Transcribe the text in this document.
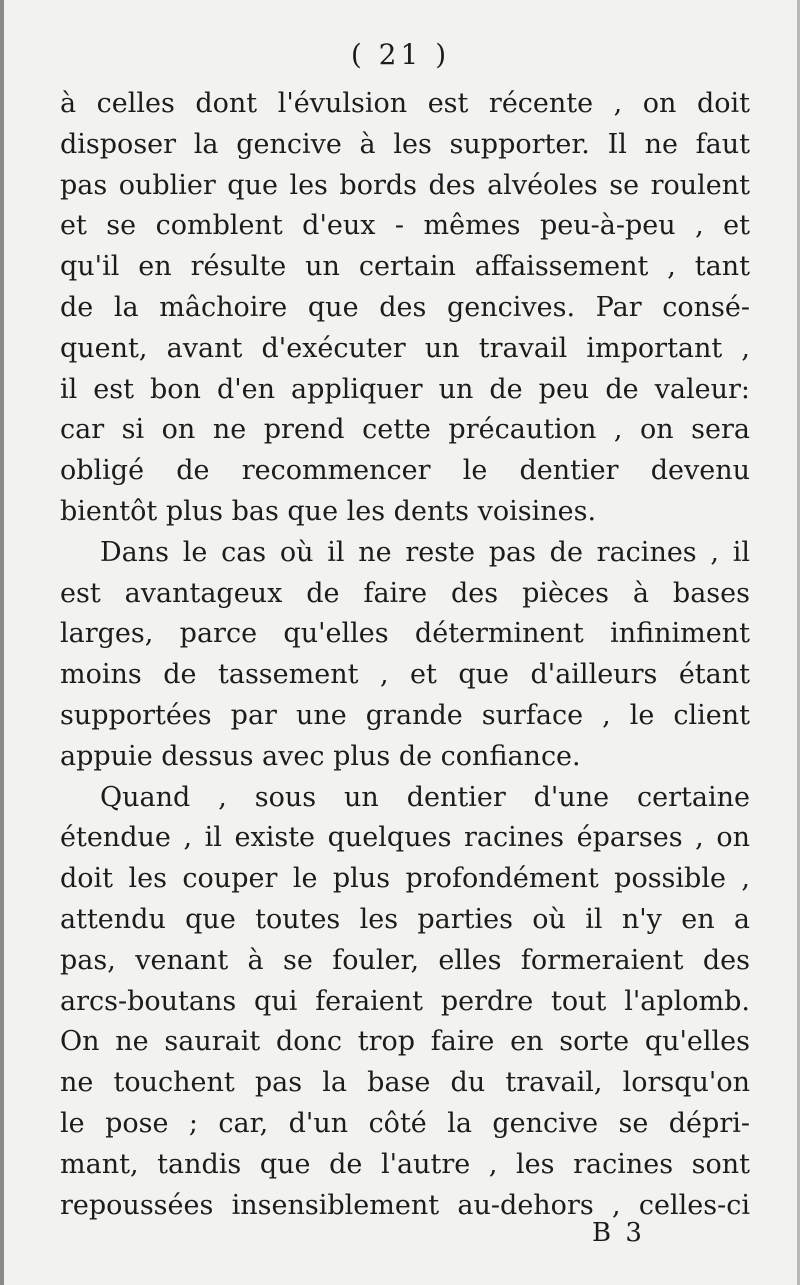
( 21 )
à celles dont l'évulsion est récente , on doit
disposer la gencive à les supporter. Il ne faut
pas oublier que les bords des alvéoles se roulent
et se comblent d'eux - mêmes peu-à-peu , et
qu'il en résulte un certain affaissement , tant
de la mâchoire que des gencives. Par consé-
quent, avant d'exécuter un travail important ,
il est bon d'en appliquer un de peu de valeur:
car si on ne prend cette précaution , on sera
obligé de recommencer le dentier devenu
bientôt plus bas que les dents voisines.
Dans le cas où il ne reste pas de racines , il
est avantageux de faire des pièces à bases
larges, parce qu'elles déterminent infiniment
moins de tassement , et que d'ailleurs étant
supportées par une grande surface , le client
appuie dessus avec plus de confiance.
Quand , sous un dentier d'une certaine
étendue , il existe quelques racines éparses , on
doit les couper le plus profondément possible ,
attendu que toutes les parties où il n'y en a
pas, venant à se fouler, elles formeraient des
arcs-boutans qui feraient perdre tout l'aplomb.
On ne saurait donc trop faire en sorte qu'elles
ne touchent pas la base du travail, lorsqu'on
le pose ; car, d'un côté la gencive se dépri-
mant, tandis que de l'autre , les racines sont
repoussées insensiblement au-dehors , celles-ci
B 3
